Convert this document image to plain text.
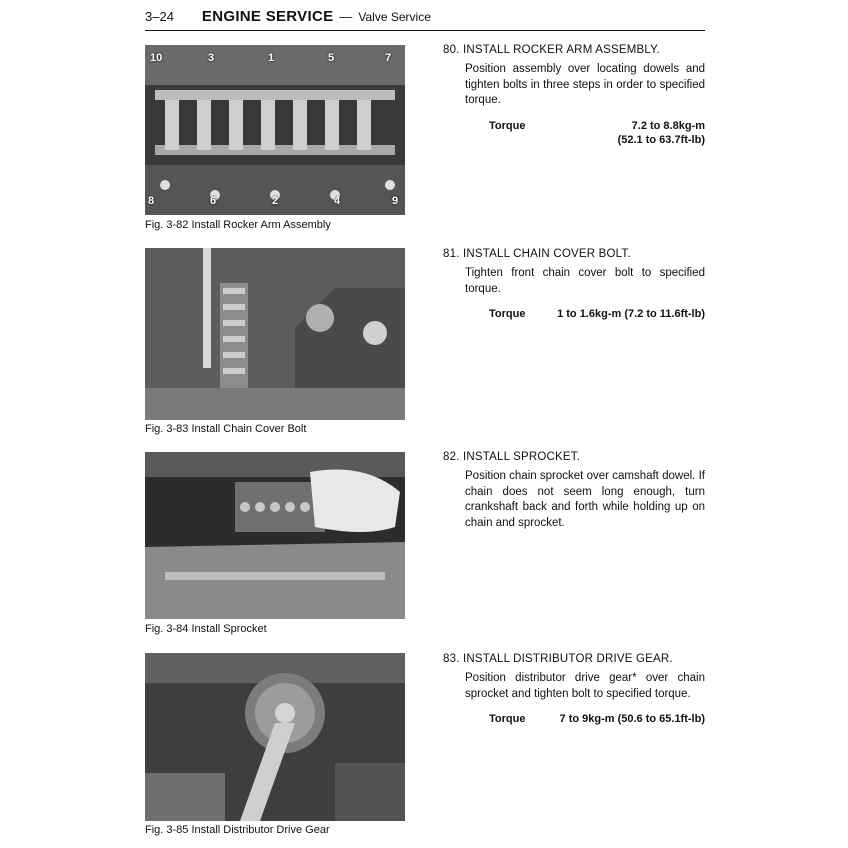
3–24 ENGINE SERVICE — Valve Service
10	3	1	5	7
8	6	2	4	9
Fig. 3-82 Install Rocker Arm Assembly
Fig. 3-83 Install Chain Cover Bolt
Fig. 3-84 Install Sprocket
Fig. 3-85 Install Distributor Drive Gear
80. INSTALL ROCKER ARM ASSEMBLY.
Position assembly over locating dowels and tighten bolts in three steps in order to specified torque.
Torque	7.2 to 8.8kg-m
(52.1 to 63.7ft-lb)
81. INSTALL CHAIN COVER BOLT.
Tighten front chain cover bolt to specified torque.
Torque	1 to 1.6kg-m (7.2 to 11.6ft-lb)
82. INSTALL SPROCKET.
Position chain sprocket over camshaft dowel. If chain does not seem long enough, turn crankshaft back and forth while holding up on chain and sprocket.
83. INSTALL DISTRIBUTOR DRIVE GEAR.
Position distributor drive gear* over chain sprocket and tighten bolt to specified torque.
Torque	7 to 9kg-m (50.6 to 65.1ft-lb)
